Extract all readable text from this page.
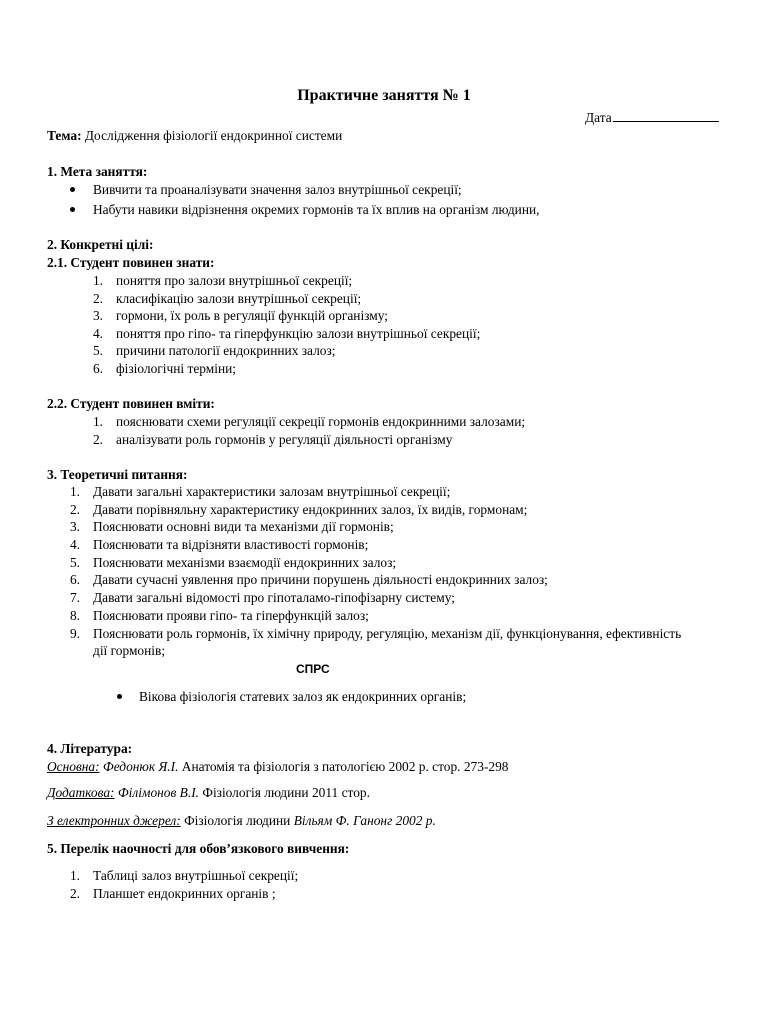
Практичне заняття № 1
Дата
Тема: Дослідження фізіології ендокринної системи
1. Мета заняття:
Вивчити та проаналізувати значення залоз внутрішньої секреції;
Набути навики відрізнення окремих гормонів та їх вплив на організм людини,
2. Конкретні цілі:
2.1. Студент повинен знати:
1. поняття про залози внутрішньої секреції;
2. класифікацію залози внутрішньої секреції;
3. гормони, їх роль в регуляції функцій організму;
4. поняття про гіпо- та гіперфункцію залози внутрішньої секреції;
5. причини патології ендокринних залоз;
6. фізіологічні терміни;
2.2. Студент повинен вміти:
1. пояснювати схеми регуляції секреції гормонів ендокринними залозами;
2. аналізувати роль гормонів у регуляції діяльності організму
3. Теоретичні питання:
1. Давати загальні характеристики залозам внутрішньої секреції;
2. Давати порівняльну характеристику ендокринних залоз, їх видів, гормонам;
3. Пояснювати основні види та механізми дії гормонів;
4. Пояснювати та відрізняти властивості гормонів;
5. Пояснювати механізми взаємодії ендокринних залоз;
6. Давати сучасні уявлення про причини порушень діяльності ендокринних залоз;
7. Давати загальні відомості про гіпоталамо-гіпофізарну систему;
8. Пояснювати прояви гіпо- та гіперфункцій залоз;
9. Пояснювати роль гормонів, їх хімічну природу, регуляцію, механізм дії, функціонування, ефективність
дії гормонів;
СПРС
Вікова фізіологія статевих залоз як ендокринних органів;
4. Література:
Основна: Федонюк Я.І. Анатомія та фізіологія з патологією 2002 р. стор. 273-298
Додаткова: Філімонов В.І. Фізіологія людини 2011 стор.
З електронних джерел: Фізіологія людини Вільям Ф. Ганонг 2002 р.
5. Перелік наочності для обов’язкового вивчення:
1. Таблиці залоз внутрішньої секреції;
2. Планшет ендокринних органів ;
